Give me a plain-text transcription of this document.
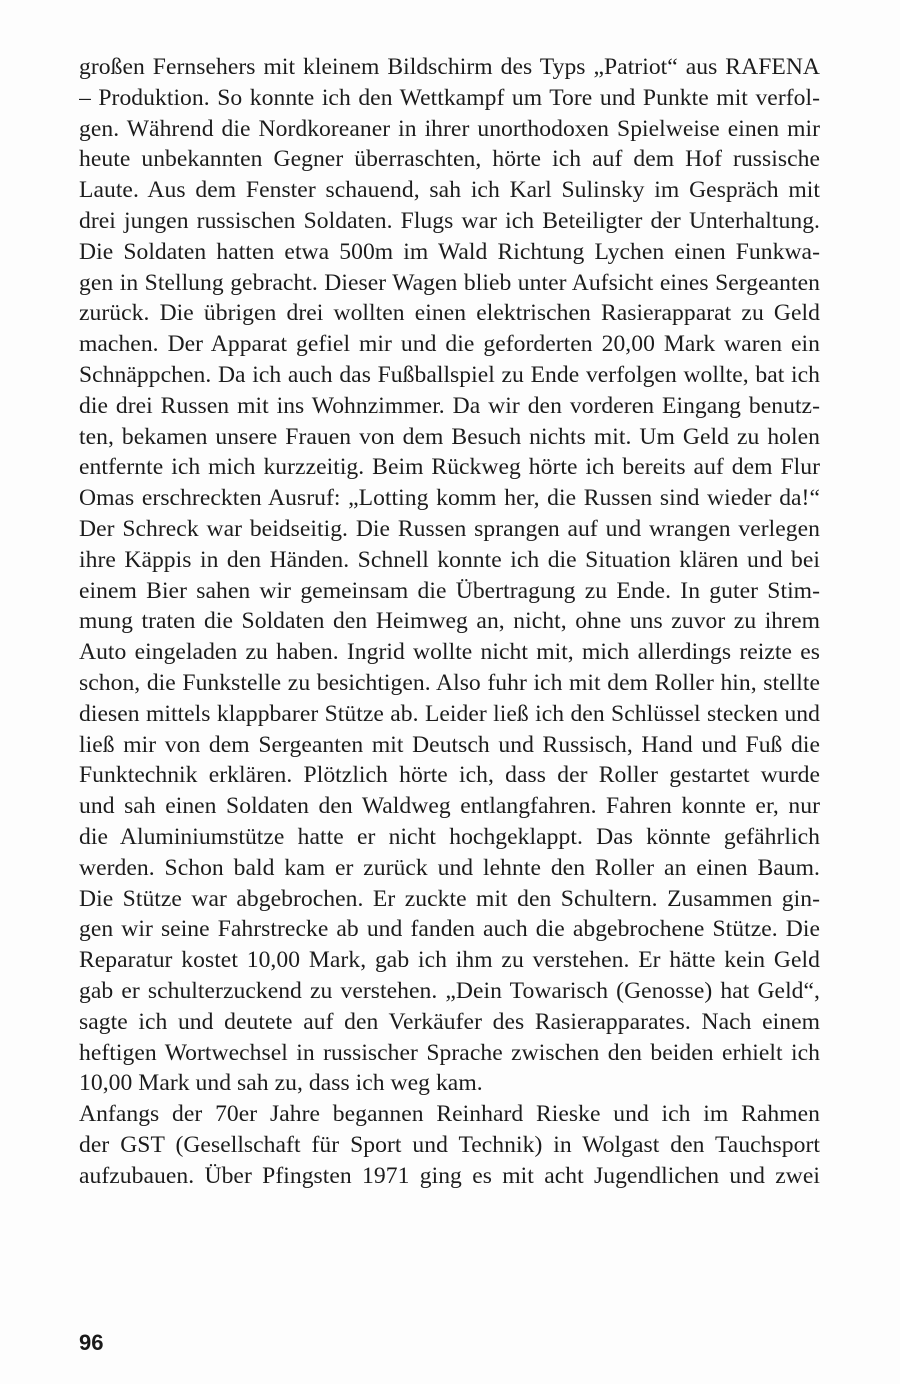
großen Fernsehers mit kleinem Bildschirm des Typs „Patriot“ aus RAFENA
– Produktion. So konnte ich den Wettkampf um Tore und Punkte mit verfol-
gen. Während die Nordkoreaner in ihrer unorthodoxen Spielweise einen mir
heute unbekannten Gegner überraschten, hörte ich auf dem Hof russische
Laute. Aus dem Fenster schauend, sah ich Karl Sulinsky im Gespräch mit
drei jungen russischen Soldaten. Flugs war ich Beteiligter der Unterhaltung.
Die Soldaten hatten etwa 500m im Wald Richtung Lychen einen Funkwa-
gen in Stellung gebracht. Dieser Wagen blieb unter Aufsicht eines Sergeanten
zurück. Die übrigen drei wollten einen elektrischen Rasierapparat zu Geld
machen. Der Apparat gefiel mir und die geforderten 20,00 Mark waren ein
Schnäppchen. Da ich auch das Fußballspiel zu Ende verfolgen wollte, bat ich
die drei Russen mit ins Wohnzimmer. Da wir den vorderen Eingang benutz-
ten, bekamen unsere Frauen von dem Besuch nichts mit. Um Geld zu holen
entfernte ich mich kurzzeitig. Beim Rückweg hörte ich bereits auf dem Flur
Omas erschreckten Ausruf: „Lotting komm her, die Russen sind wieder da!“
Der Schreck war beidseitig. Die Russen sprangen auf und wrangen verlegen
ihre Käppis in den Händen. Schnell konnte ich die Situation klären und bei
einem Bier sahen wir gemeinsam die Übertragung zu Ende. In guter Stim-
mung traten die Soldaten den Heimweg an, nicht, ohne uns zuvor zu ihrem
Auto eingeladen zu haben. Ingrid wollte nicht mit, mich allerdings reizte es
schon, die Funkstelle zu besichtigen. Also fuhr ich mit dem Roller hin, stellte
diesen mittels klappbarer Stütze ab. Leider ließ ich den Schlüssel stecken und
ließ mir von dem Sergeanten mit Deutsch und Russisch, Hand und Fuß die
Funktechnik erklären. Plötzlich hörte ich, dass der Roller gestartet wurde
und sah einen Soldaten den Waldweg entlangfahren. Fahren konnte er, nur
die Aluminiumstütze hatte er nicht hochgeklappt. Das könnte gefährlich
werden. Schon bald kam er zurück und lehnte den Roller an einen Baum.
Die Stütze war abgebrochen. Er zuckte mit den Schultern. Zusammen gin-
gen wir seine Fahrstrecke ab und fanden auch die abgebrochene Stütze. Die
Reparatur kostet 10,00 Mark, gab ich ihm zu verstehen. Er hätte kein Geld
gab er schulterzuckend zu verstehen. „Dein Towarisch (Genosse) hat Geld“,
sagte ich und deutete auf den Verkäufer des Rasierapparates. Nach einem
heftigen Wortwechsel in russischer Sprache zwischen den beiden erhielt ich
10,00 Mark und sah zu, dass ich weg kam.
Anfangs der 70er Jahre begannen Reinhard Rieske und ich im Rahmen
der GST (Gesellschaft für Sport und Technik) in Wolgast den Tauchsport
aufzubauen. Über Pfingsten 1971 ging es mit acht Jugendlichen und zwei
96
